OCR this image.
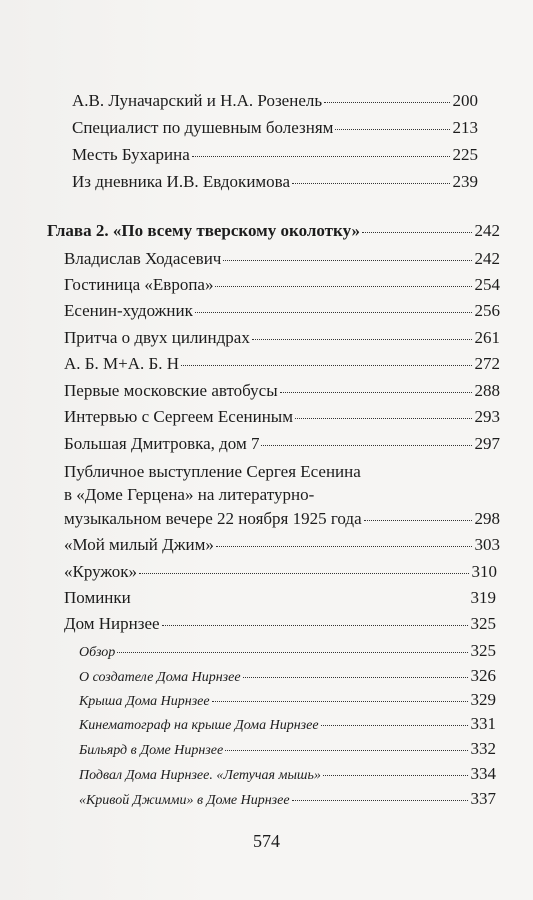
А.В. Луначарский и Н.А. Розенель	200
Специалист по душевным болезням	213
Месть Бухарина	225
Из дневника И.В. Евдокимова	239
Глава 2. «По всему тверскому околотку»	242
Владислав Ходасевич	242
Гостиница «Европа»	254
Есенин-художник	256
Притча о двух цилиндрах	261
А. Б. М+А. Б. Н	272
Первые московские автобусы	288
Интервью с Сергеем Есениным	293
Большая Дмитровка, дом 7	297
Публичное выступление Сергея Есенина
в «Доме Герцена» на литературно-
музыкальном вечере 22 ноября 1925 года	298
«Мой милый Джим»	303
«Кружок»	310
Поминки	319
Дом Нирнзее	325
Обзор	325
О создателе Дома Нирнзее	326
Крыша Дома Нирнзее	329
Кинематограф на крыше Дома Нирнзее	331
Бильярд в Доме Нирнзее	332
Подвал Дома Нирнзее. «Летучая мышь»	334
«Кривой Джимми» в Доме Нирнзее	337
574
